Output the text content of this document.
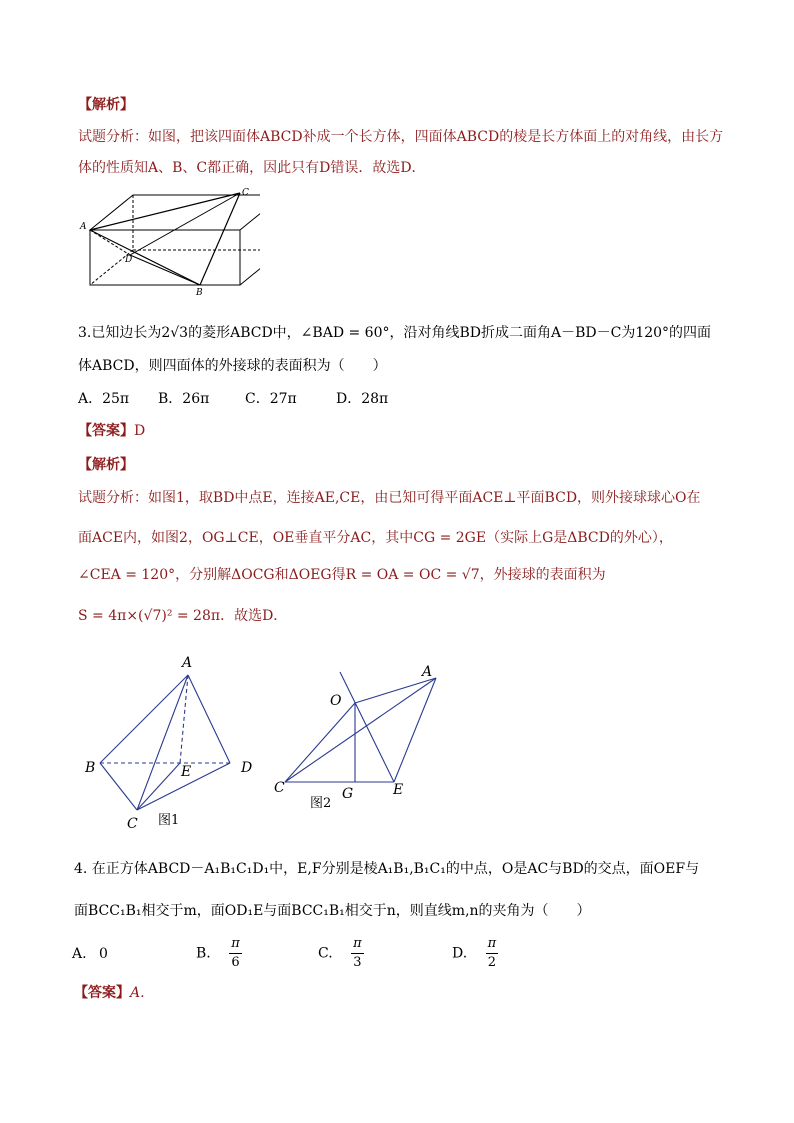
【解析】
试题分析：如图，把该四面体ABCD补成一个长方体，四面体ABCD的棱是长方体面上的对角线，由长方
体的性质知A、B、C都正确，因此只有D错误．故选D．
A
C
D
B
3.已知边长为2√3的菱形ABCD中，∠BAD = 60°，沿对角线BD折成二面角A－BD－C为120°的四面
体ABCD，则四面体的外接球的表面积为（　　）
A．25π B．26π	C．27π	D．28π
【答案】D
【解析】
试题分析：如图1，取BD中点E，连接AE,CE，由已知可得平面ACE⊥平面BCD，则外接球球心O在
面ACE内，如图2，OG⊥CE，OE垂直平分AC，其中CG = 2GE（实际上G是ΔBCD的外心），
∠CEA = 120°，分别解ΔOCG和ΔOEG得R = OA = OC = √7，外接球的表面积为
S = 4π×(√7)² = 28π．故选D．
A
B	D
E
C 图1
O
A
C	G	E
图2
4. 在正方体ABCD－A₁B₁C₁D₁中，E,F分别是棱A₁B₁,B₁C₁的中点，O是AC与BD的交点，面OEF与
面BCC₁B₁相交于m，面OD₁E与面BCC₁B₁相交于n，则直线m,n的夹角为（　　）
A. 0	B. $\frac{\pi}{6}$	C. $\frac{\pi}{3}$	D. $\frac{\pi}{2}$
【答案】A.
